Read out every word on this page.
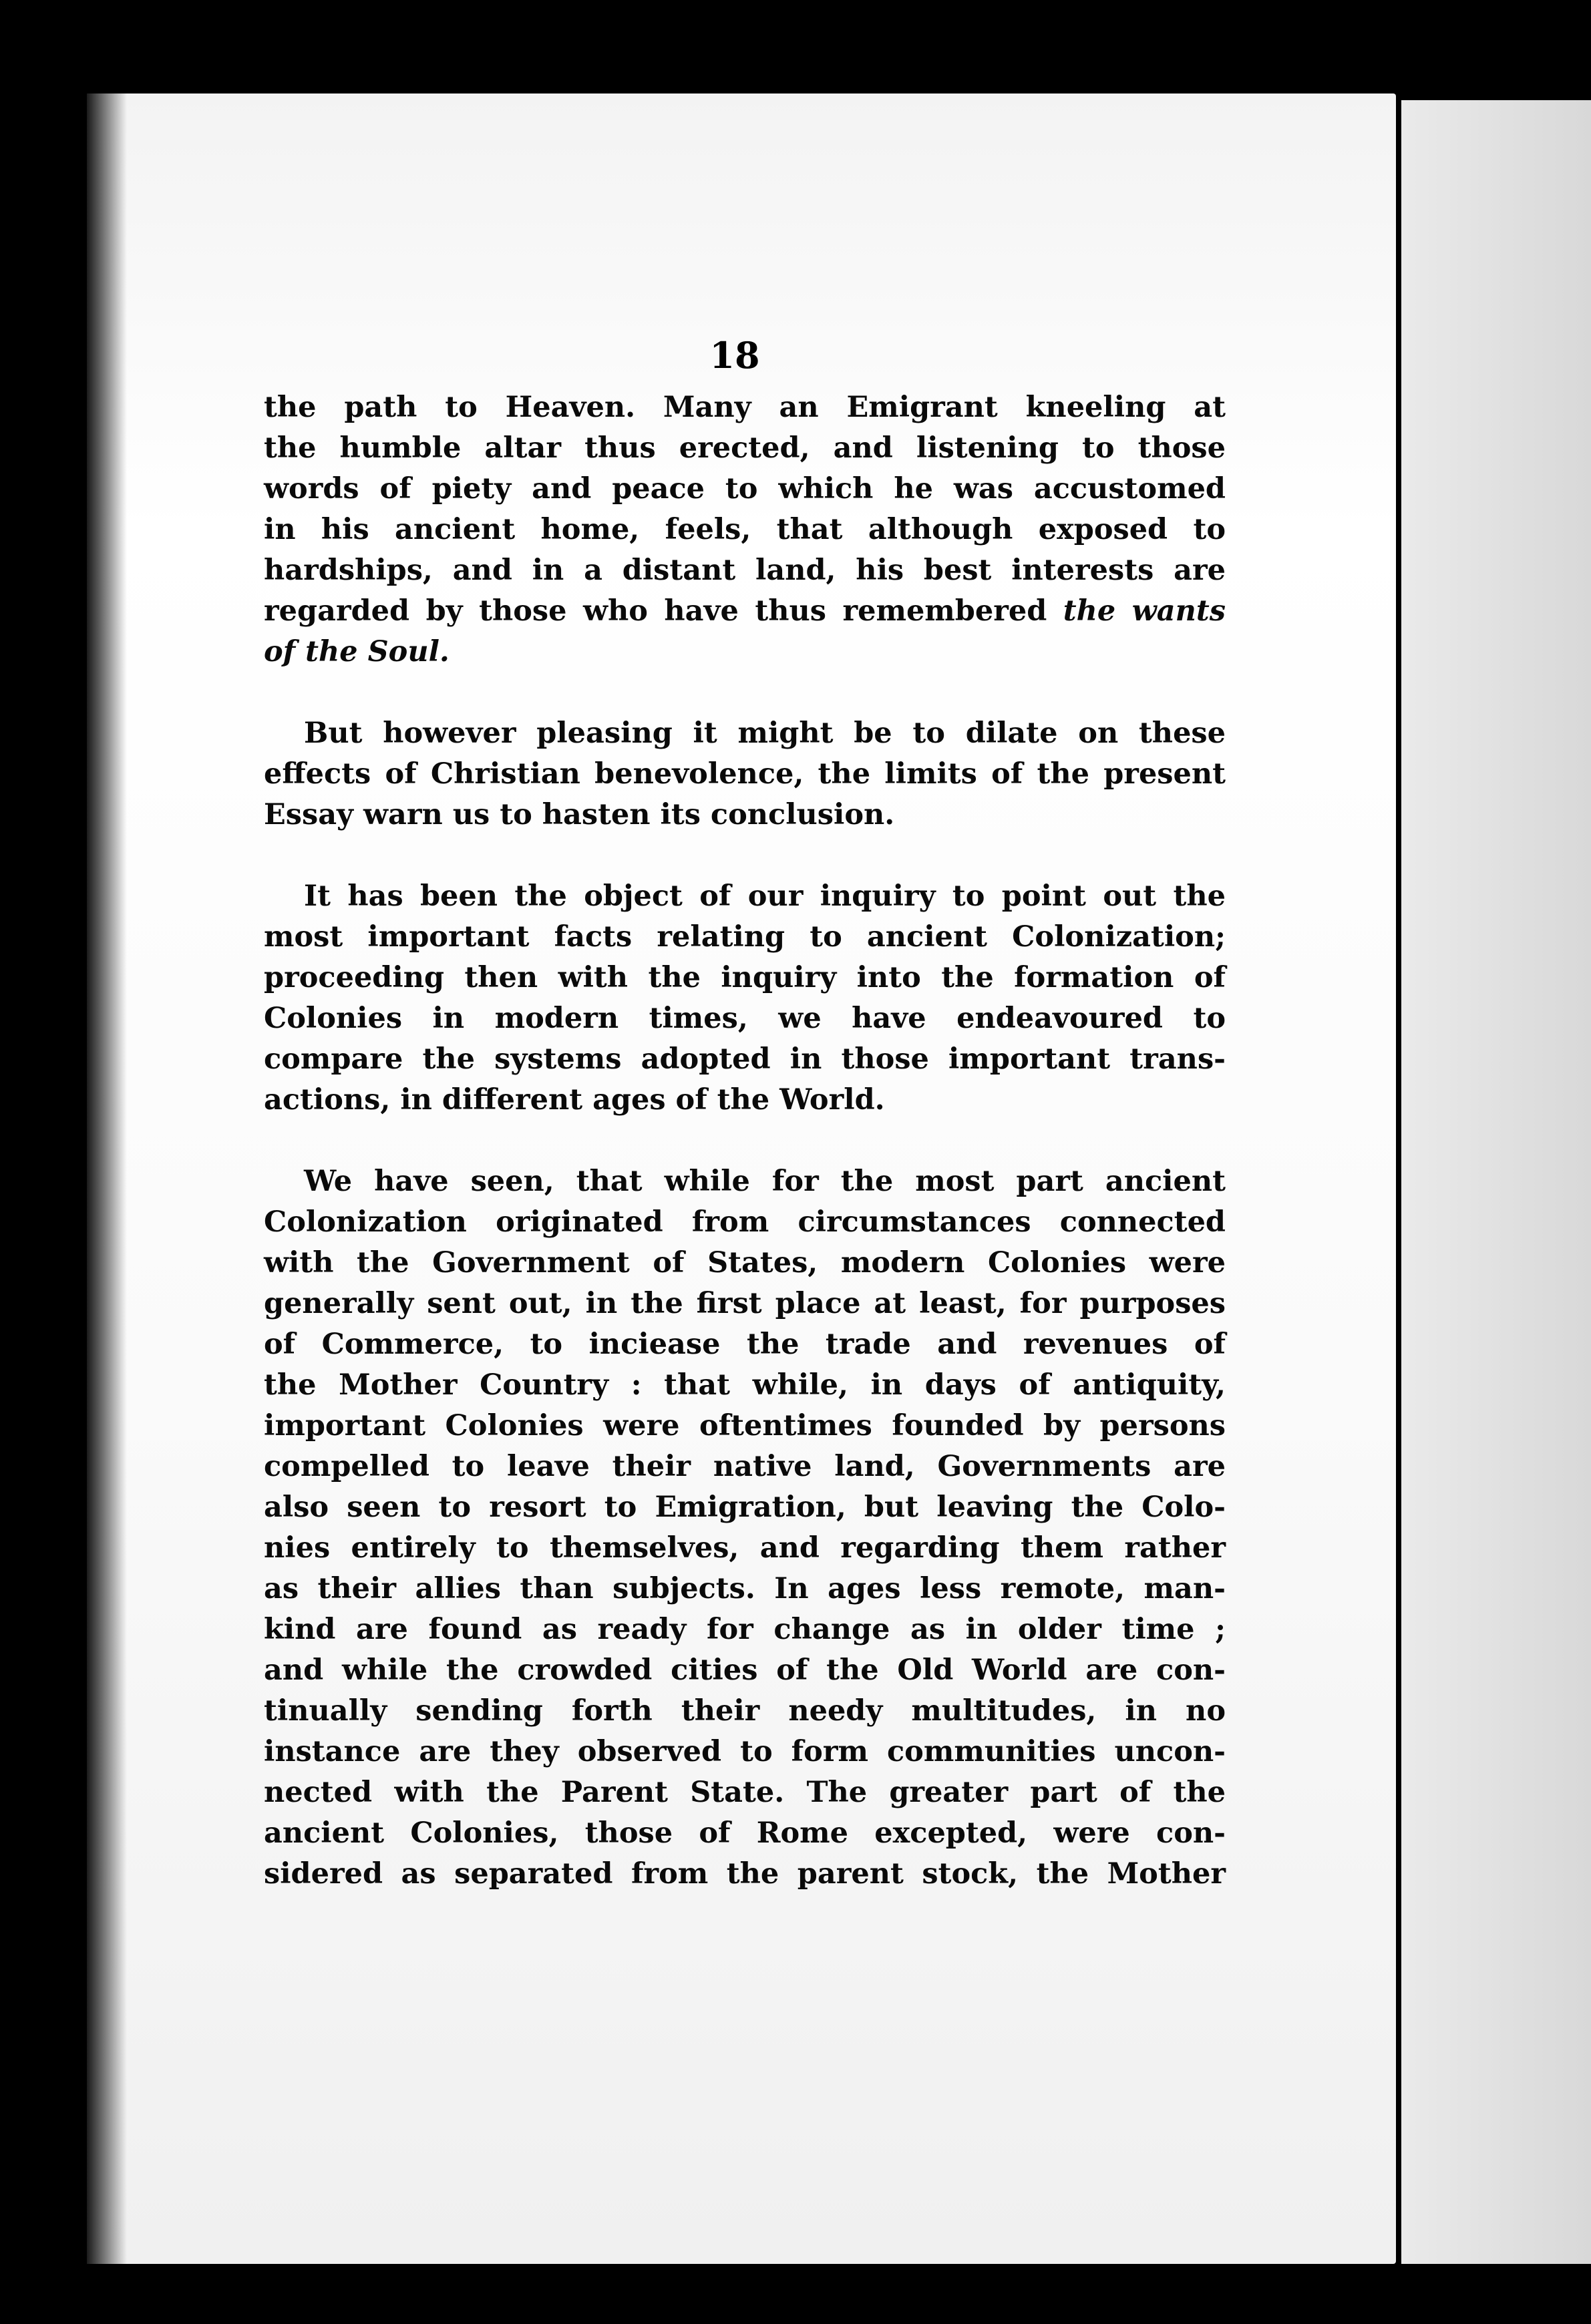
18
the path to Heaven. Many an Emigrant kneeling at
the humble altar thus erected, and listening to those
words of piety and peace to which he was accustomed
in his ancient home, feels, that although exposed to
hardships, and in a distant land, his best interests are
regarded by those who have thus remembered the wants
of the Soul.
But however pleasing it might be to dilate on these
effects of Christian benevolence, the limits of the present
Essay warn us to hasten its conclusion.
It has been the object of our inquiry to point out the
most important facts relating to ancient Colonization;
proceeding then with the inquiry into the formation of
Colonies in modern times, we have endeavoured to
compare the systems adopted in those important trans-
actions, in different ages of the World.
We have seen, that while for the most part ancient
Colonization originated from circumstances connected
with the Government of States, modern Colonies were
generally sent out, in the first place at least, for purposes
of Commerce, to inciease the trade and revenues of
the Mother Country : that while, in days of antiquity,
important Colonies were oftentimes founded by persons
compelled to leave their native land, Governments are
also seen to resort to Emigration, but leaving the Colo-
nies entirely to themselves, and regarding them rather
as their allies than subjects. In ages less remote, man-
kind are found as ready for change as in older time ;
and while the crowded cities of the Old World are con-
tinually sending forth their needy multitudes, in no
instance are they observed to form communities uncon-
nected with the Parent State. The greater part of the
ancient Colonies, those of Rome excepted, were con-
sidered as separated from the parent stock, the Mother
